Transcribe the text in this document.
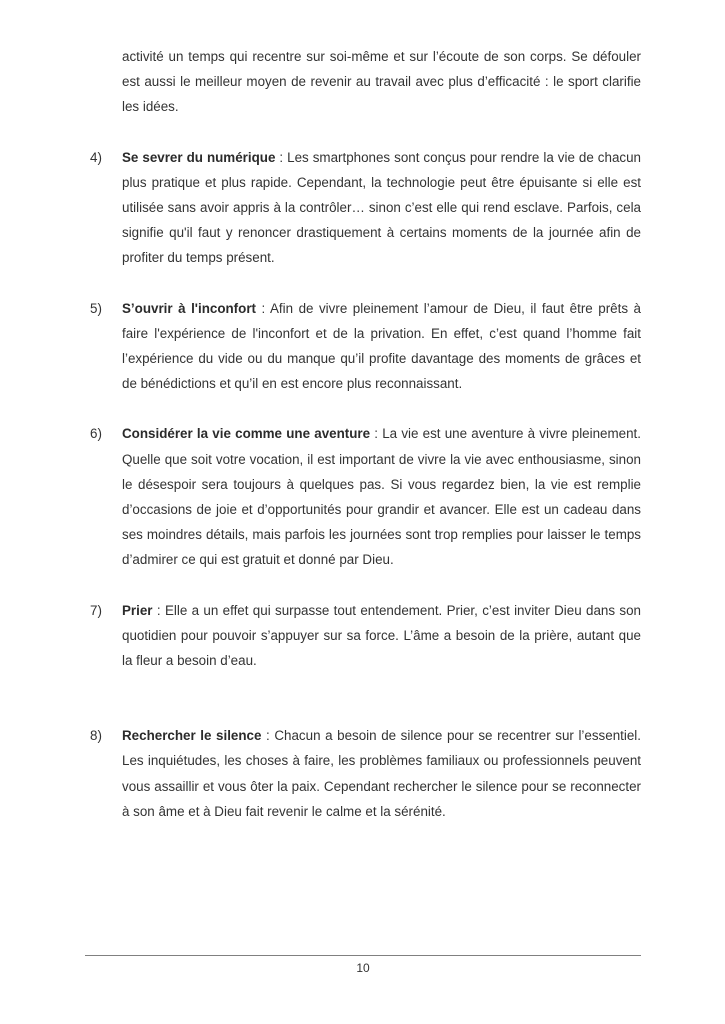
activité un temps qui recentre sur soi-même et sur l’écoute de son corps. Se défouler est aussi le meilleur moyen de revenir au travail avec plus d’efficacité : le sport clarifie les idées.

4)	Se sevrer du numérique : Les smartphones sont conçus pour rendre la vie de chacun plus pratique et plus rapide. Cependant, la technologie peut être épuisante si elle est utilisée sans avoir appris à la contrôler… sinon c’est elle qui rend esclave. Parfois, cela signifie qu'il faut y renoncer drastiquement à certains moments de la journée afin de profiter du temps présent.

5)	S’ouvrir à l'inconfort : Afin de vivre pleinement l’amour de Dieu, il faut être prêts à faire l'expérience de l'inconfort et de la privation. En effet, c’est quand l’homme fait l’expérience du vide ou du manque qu’il profite davantage des moments de grâces et de bénédictions et qu’il en est encore plus reconnaissant.

6)	Considérer la vie comme une aventure : La vie est une aventure à vivre pleinement. Quelle que soit votre vocation, il est important de vivre la vie avec enthousiasme, sinon le désespoir sera toujours à quelques pas. Si vous regardez bien, la vie est remplie d’occasions de joie et d’opportunités pour grandir et avancer. Elle est un cadeau dans ses moindres détails, mais parfois les journées sont trop remplies pour laisser le temps d’admirer ce qui est gratuit et donné par Dieu.

7)	Prier : Elle a un effet qui surpasse tout entendement. Prier, c’est inviter Dieu dans son quotidien pour pouvoir s’appuyer sur sa force. L’âme a besoin de la prière, autant que la fleur a besoin d’eau.

8)	Rechercher le silence : Chacun a besoin de silence pour se recentrer sur l’essentiel. Les inquiétudes, les choses à faire, les problèmes familiaux ou professionnels peuvent vous assaillir et vous ôter la paix. Cependant rechercher le silence pour se reconnecter à son âme et à Dieu fait revenir le calme et la sérénité.

10
